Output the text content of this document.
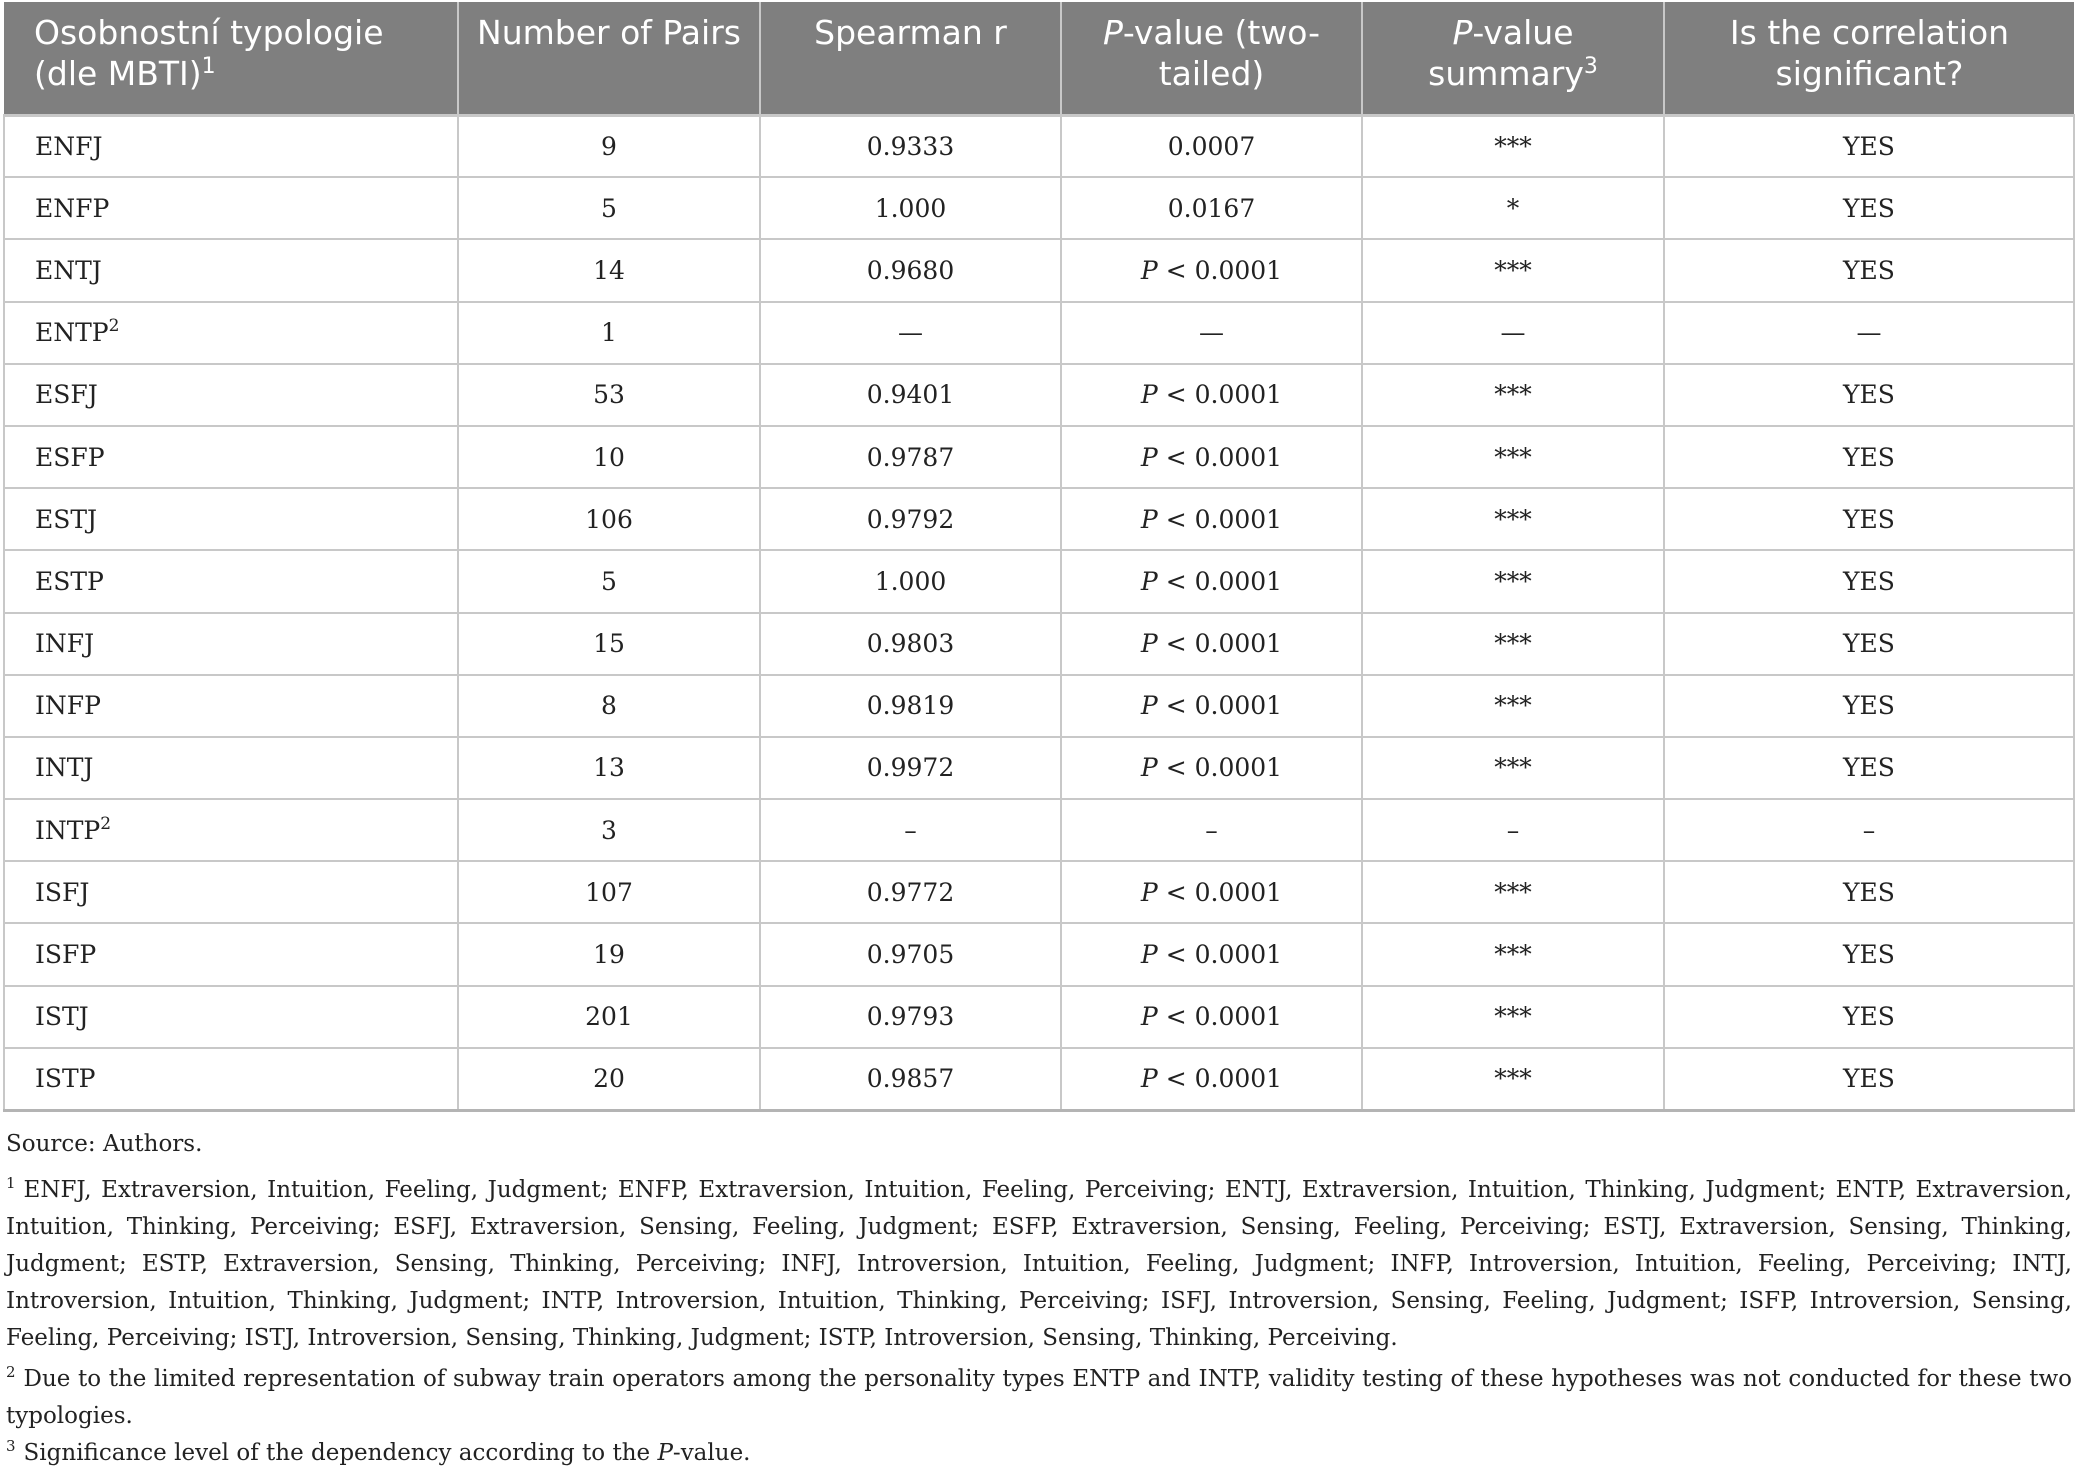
Osobnostní typologie (dle MBTI)$^1$	Number of Pairs	Spearman r	P-value (two-tailed)	P-value summary$^3$	Is the correlation significant?
ENFJ	9	0.9333	0.0007	***	YES
ENFP	5	1.000	0.0167	*	YES
ENTJ	14	0.9680	P < 0.0001	***	YES
ENTP$^2$	1	—	—	—	—
ESFJ	53	0.9401	P < 0.0001	***	YES
ESFP	10	0.9787	P < 0.0001	***	YES
ESTJ	106	0.9792	P < 0.0001	***	YES
ESTP	5	1.000	P < 0.0001	***	YES
INFJ	15	0.9803	P < 0.0001	***	YES
INFP	8	0.9819	P < 0.0001	***	YES
INTJ	13	0.9972	P < 0.0001	***	YES
INTP$^2$	3	–	–	–	–
ISFJ	107	0.9772	P < 0.0001	***	YES
ISFP	19	0.9705	P < 0.0001	***	YES
ISTJ	201	0.9793	P < 0.0001	***	YES
ISTP	20	0.9857	P < 0.0001	***	YES

Source: Authors.

$^1$ ENFJ, Extraversion, Intuition, Feeling, Judgment; ENFP, Extraversion, Intuition, Feeling, Perceiving; ENTJ, Extraversion, Intuition, Thinking, Judgment; ENTP, Extraversion, Intuition, Thinking, Perceiving; ESFJ, Extraversion, Sensing, Feeling, Judgment; ESFP, Extraversion, Sensing, Feeling, Perceiving; ESTJ, Extraversion, Sensing, Thinking, Judgment; ESTP, Extraversion, Sensing, Thinking, Perceiving; INFJ, Introversion, Intuition, Feeling, Judgment; INFP, Introversion, Intuition, Feeling, Perceiving; INTJ, Introversion, Intuition, Thinking, Judgment; INTP, Introversion, Intuition, Thinking, Perceiving; ISFJ, Introversion, Sensing, Feeling, Judgment; ISFP, Introversion, Sensing, Feeling, Perceiving; ISTJ, Introversion, Sensing, Thinking, Judgment; ISTP, Introversion, Sensing, Thinking, Perceiving.

$^2$ Due to the limited representation of subway train operators among the personality types ENTP and INTP, validity testing of these hypotheses was not conducted for these two typologies.

$^3$ Significance level of the dependency according to the P-value.
